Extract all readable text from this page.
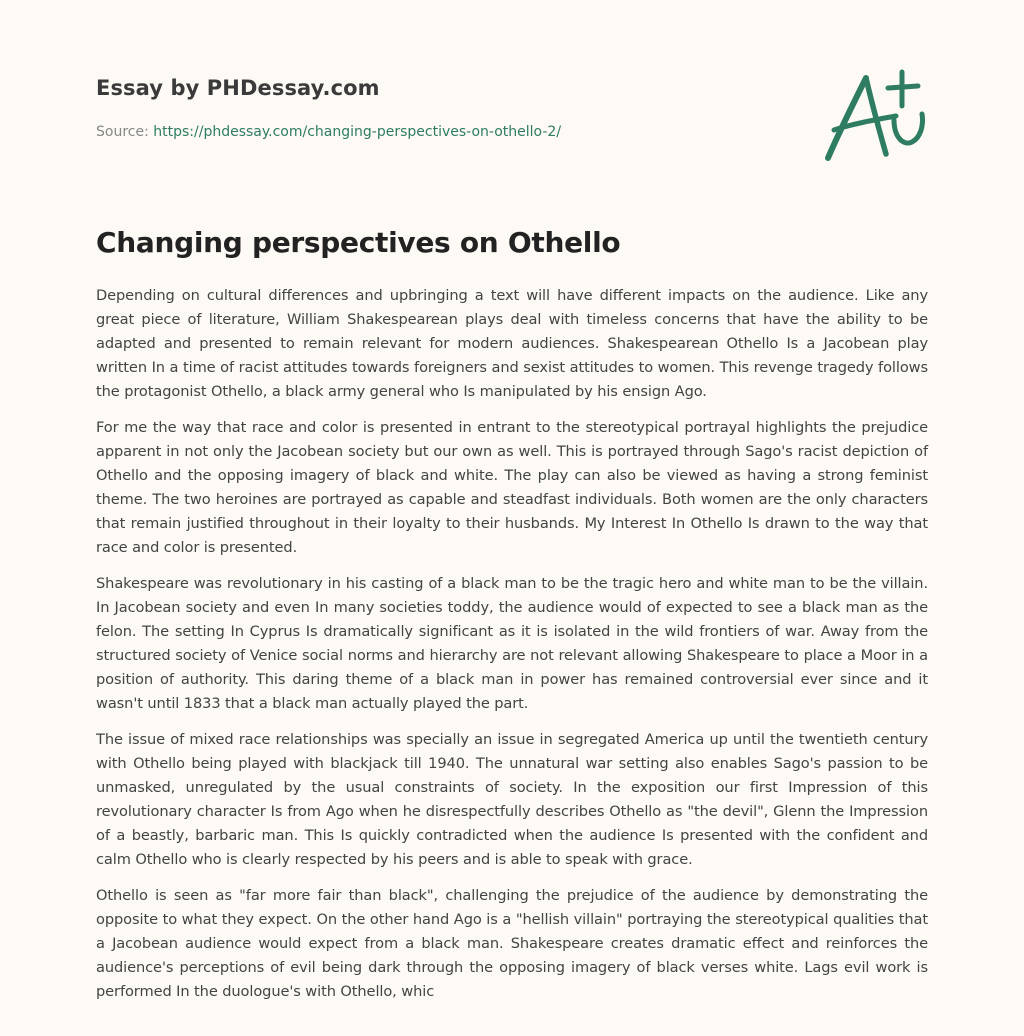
Essay by PHDessay.com
Source: https://phdessay.com/changing-perspectives-on-othello-2/
Changing perspectives on Othello

Depending on cultural differences and upbringing a text will have different impacts on the audience. Like any great piece of literature, William Shakespearean plays deal with timeless concerns that have the ability to be adapted and presented to remain relevant for modern audiences. Shakespearean Othello Is a Jacobean play written In a time of racist attitudes towards foreigners and sexist attitudes to women. This revenge tragedy follows the protagonist Othello, a black army general who Is manipulated by his ensign Ago.

For me the way that race and color is presented in entrant to the stereotypical portrayal highlights the prejudice apparent in not only the Jacobean society but our own as well. This is portrayed through Sago's racist depiction of Othello and the opposing imagery of black and white. The play can also be viewed as having a strong feminist theme. The two heroines are portrayed as capable and steadfast individuals. Both women are the only characters that remain justified throughout in their loyalty to their husbands. My Interest In Othello Is drawn to the way that race and color is presented.

Shakespeare was revolutionary in his casting of a black man to be the tragic hero and white man to be the villain. In Jacobean society and even In many societies toddy, the audience would of expected to see a black man as the felon. The setting In Cyprus Is dramatically significant as it is isolated in the wild frontiers of war. Away from the structured society of Venice social norms and hierarchy are not relevant allowing Shakespeare to place a Moor in a position of authority. This daring theme of a black man in power has remained controversial ever since and it wasn't until 1833 that a black man actually played the part.

The issue of mixed race relationships was specially an issue in segregated America up until the twentieth century with Othello being played with blackjack till 1940. The unnatural war setting also enables Sago's passion to be unmasked, unregulated by the usual constraints of society. In the exposition our first Impression of this revolutionary character Is from Ago when he disrespectfully describes Othello as "the devil", Glenn the Impression of a beastly, barbaric man. This Is quickly contradicted when the audience Is presented with the confident and calm Othello who is clearly respected by his peers and is able to speak with grace.

Othello is seen as "far more fair than black", challenging the prejudice of the audience by demonstrating the opposite to what they expect. On the other hand Ago is a "hellish villain" portraying the stereotypical qualities that a Jacobean audience would expect from a black man. Shakespeare creates dramatic effect and reinforces the audience's perceptions of evil being dark through the opposing imagery of black verses white. Lags evil work is performed In the duologue's with Othello, whic
